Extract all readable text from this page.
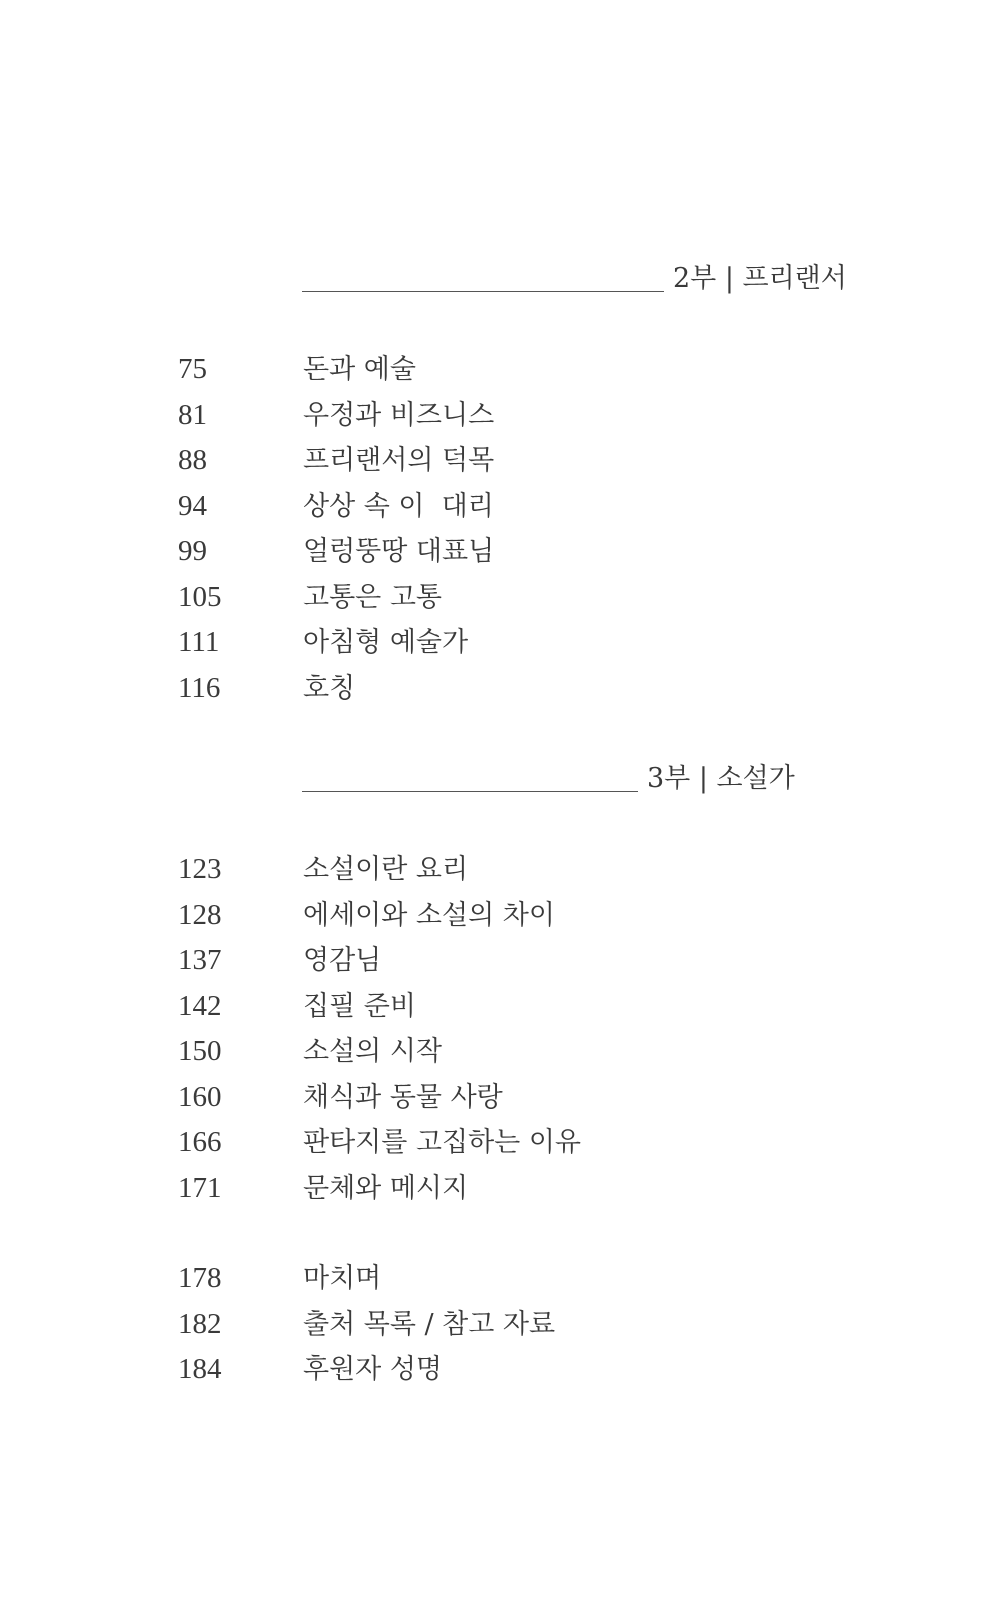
2부 | 프리랜서
75	돈과 예술
81	우정과 비즈니스
88	프리랜서의 덕목
94	상상 속 이  대리
99	얼렁뚱땅 대표님
105	고통은 고통
111	아침형 예술가
116	호칭
3부 | 소설가
123	소설이란 요리
128	에세이와 소설의 차이
137	영감님
142	집필 준비
150	소설의 시작
160	채식과 동물 사랑
166	판타지를 고집하는 이유
171	문체와 메시지
178	마치며
182	출처 목록 / 참고 자료
184	후원자 성명
